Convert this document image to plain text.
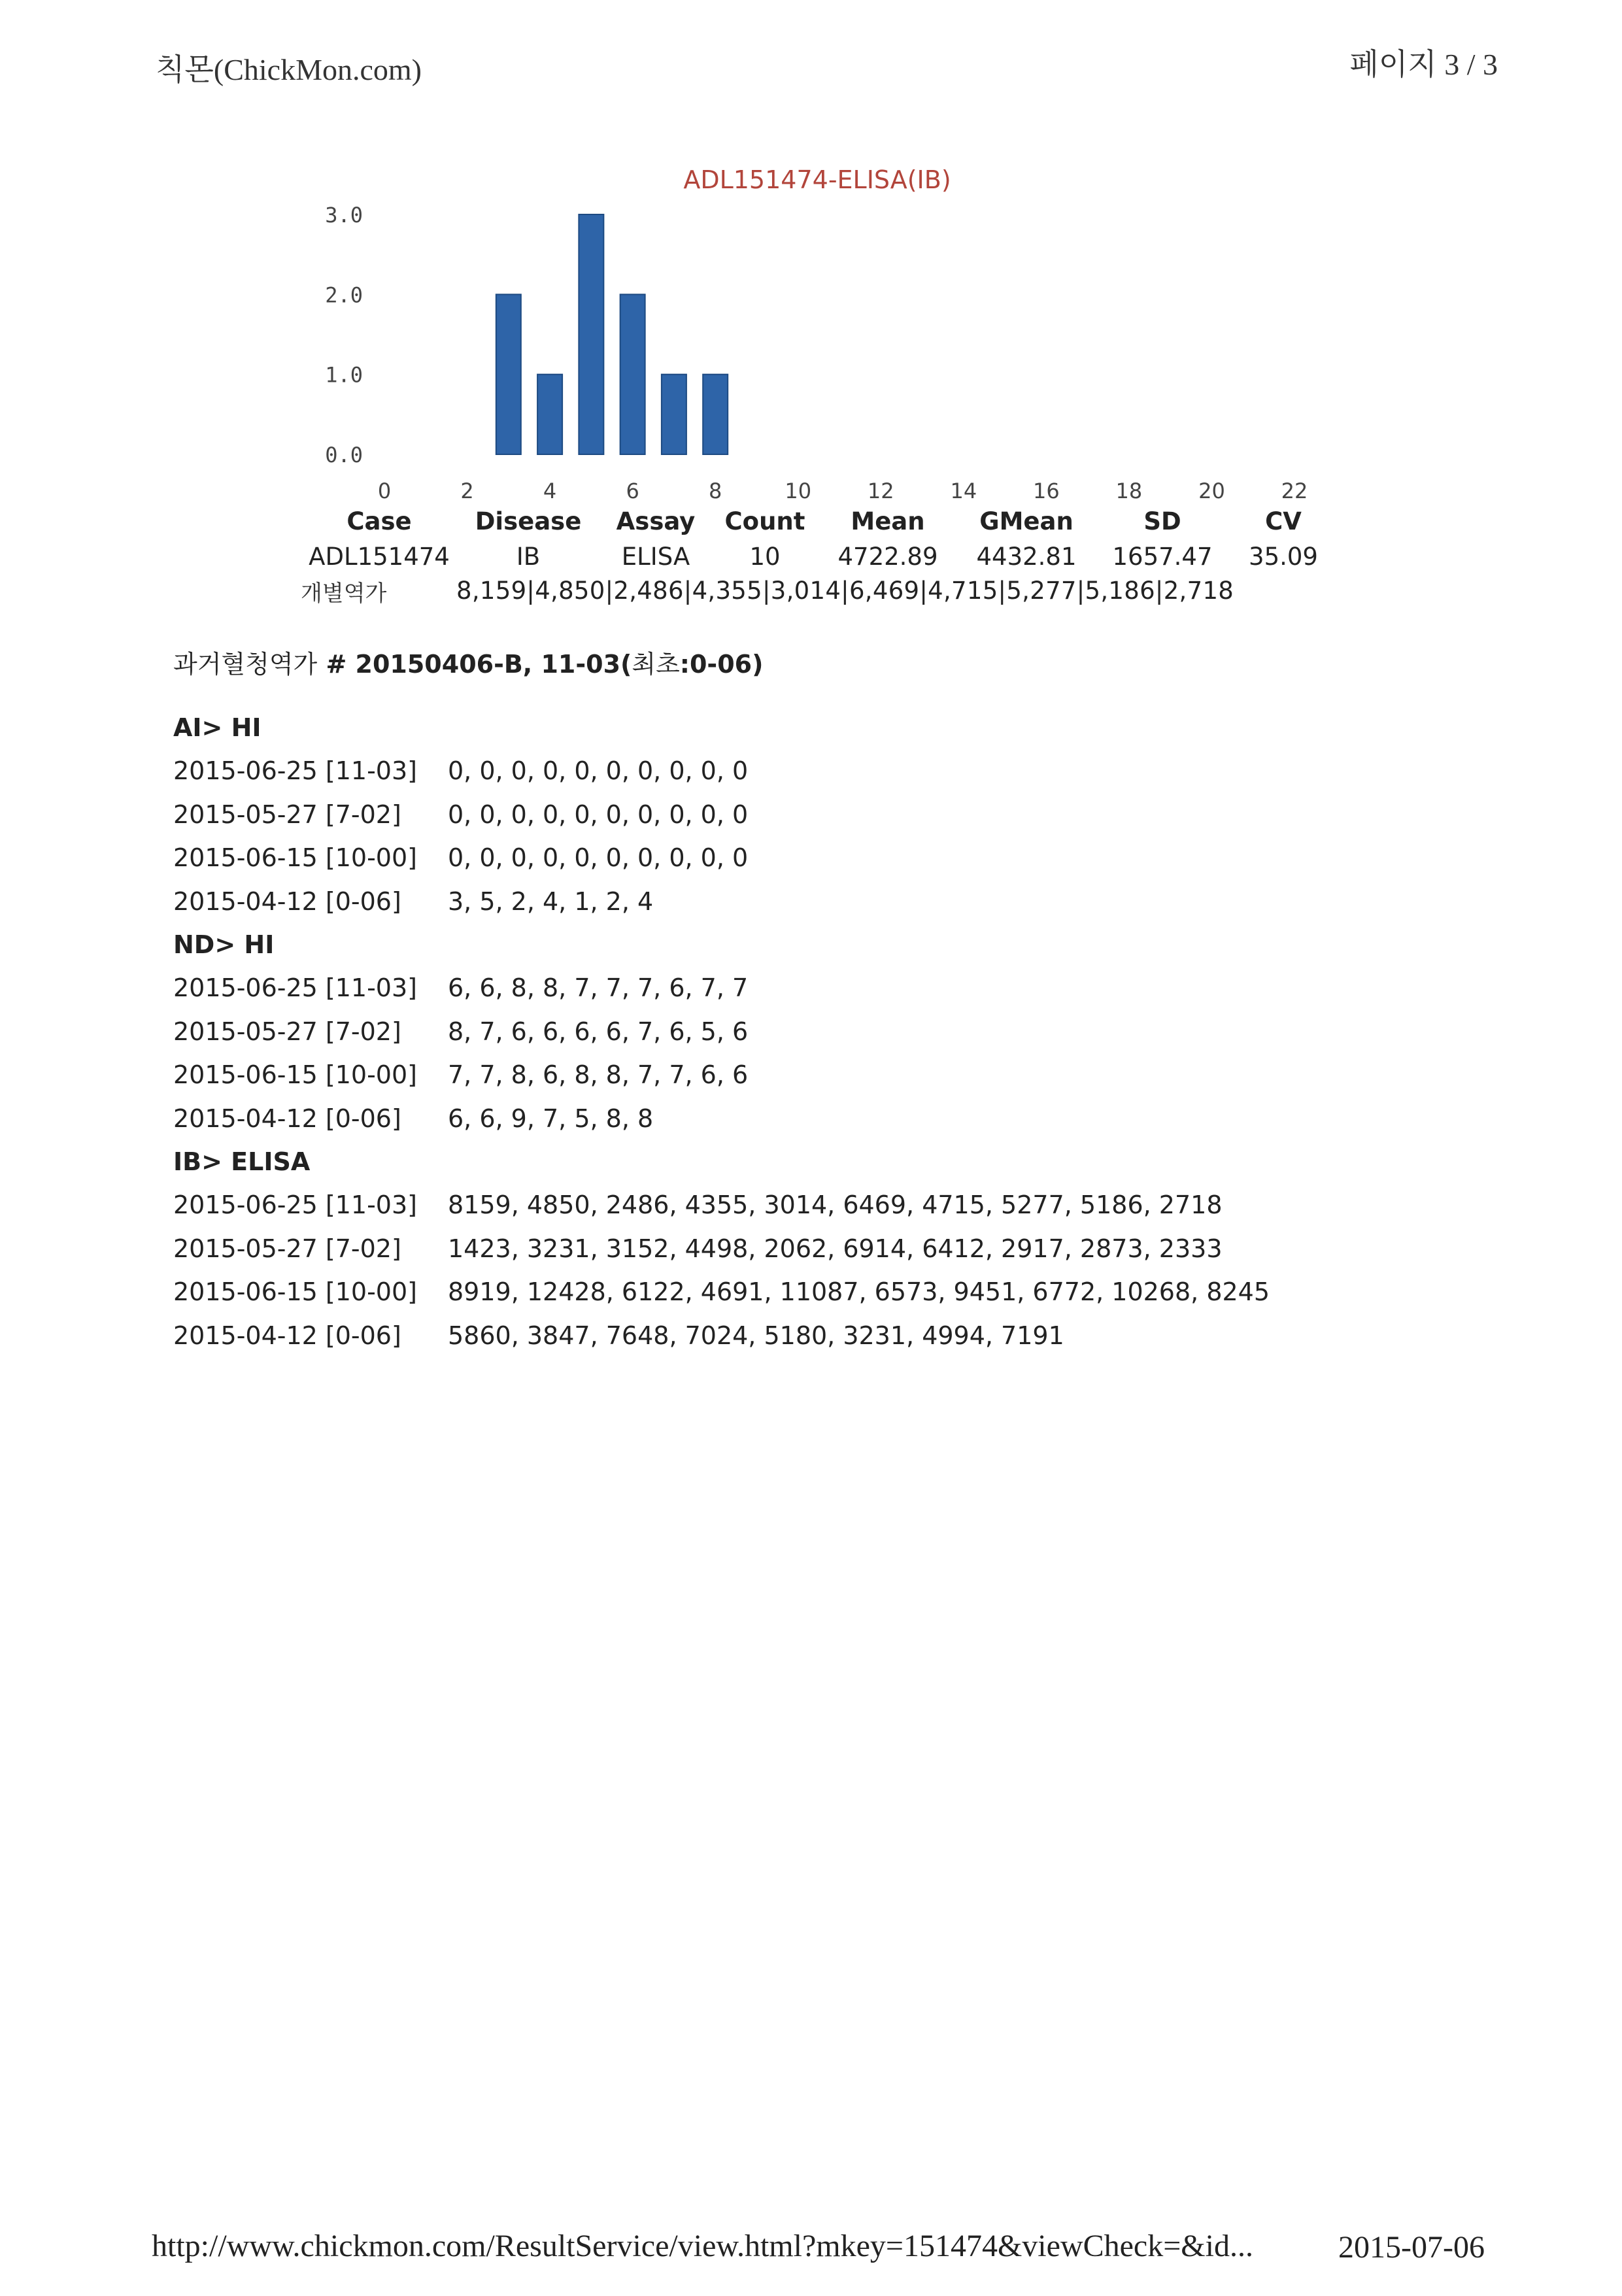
칙몬(ChickMon.com)	페이지 3 / 3
ADL151474-ELISA(IB)
0.0
1.0
2.0
3.0
0	2	4	6	8	10	12	14	16	18	20	22
Case	Disease	Assay	Count	Mean	GMean	SD	CV
ADL151474	IB	ELISA	10	4722.89	4432.81	1657.47	35.09
개별역가	8,159|4,850|2,486|4,355|3,014|6,469|4,715|5,277|5,186|2,718
과거혈청역가 # 20150406-B, 11-03(최초:0-06)
AI> HI
2015-06-25 [11-03] 0, 0, 0, 0, 0, 0, 0, 0, 0, 0
2015-05-27 [7-02] 0, 0, 0, 0, 0, 0, 0, 0, 0, 0
2015-06-15 [10-00] 0, 0, 0, 0, 0, 0, 0, 0, 0, 0
2015-04-12 [0-06] 3, 5, 2, 4, 1, 2, 4
ND> HI
2015-06-25 [11-03] 6, 6, 8, 8, 7, 7, 7, 6, 7, 7
2015-05-27 [7-02] 8, 7, 6, 6, 6, 6, 7, 6, 5, 6
2015-06-15 [10-00] 7, 7, 8, 6, 8, 8, 7, 7, 6, 6
2015-04-12 [0-06] 6, 6, 9, 7, 5, 8, 8
IB> ELISA
2015-06-25 [11-03] 8159, 4850, 2486, 4355, 3014, 6469, 4715, 5277, 5186, 2718
2015-05-27 [7-02] 1423, 3231, 3152, 4498, 2062, 6914, 6412, 2917, 2873, 2333
2015-06-15 [10-00] 8919, 12428, 6122, 4691, 11087, 6573, 9451, 6772, 10268, 8245
2015-04-12 [0-06] 5860, 3847, 7648, 7024, 5180, 3231, 4994, 7191
http://www.chickmon.com/ResultService/view.html?mkey=151474&viewCheck=&id...	2015-07-06
